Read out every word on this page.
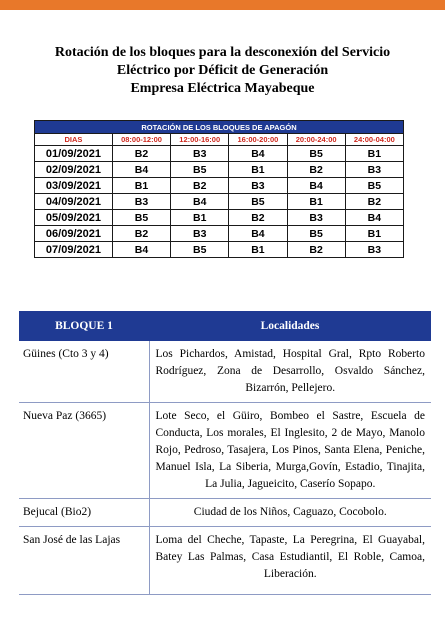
Rotación de los bloques para la desconexión del Servicio
Eléctrico por Déficit de Generación
Empresa Eléctrica Mayabeque
ROTACIÓN DE LOS BLOQUES DE APAGÓN					
DIAS	08:00-12:00	12:00-16:00	16:00-20:00	20:00-24:00	24:00-04:00
01/09/2021	B2	B3	B4	B5	B1
02/09/2021	B4	B5	B1	B2	B3
03/09/2021	B1	B2	B3	B4	B5
04/09/2021	B3	B4	B5	B1	B2
05/09/2021	B5	B1	B2	B3	B4
06/09/2021	B2	B3	B4	B5	B1
07/09/2021	B4	B5	B1	B2	B3
BLOQUE 1	Localidades
Güines (Cto 3 y 4)	Los Pichardos, Amistad, Hospital Gral, Rpto Roberto Rodríguez, Zona de Desarrollo, Osvaldo Sánchez, Bizarrón, Pellejero.
Nueva Paz (3665)	Lote Seco, el Güiro, Bombeo el Sastre, Escuela de Conducta, Los morales, El Inglesito, 2 de Mayo, Manolo Rojo, Pedroso, Tasajera, Los Pinos, Santa Elena, Peniche, Manuel Isla, La Siberia, Murga,Govín, Estadio, Tinajita, La Julia, Jagueicito, Caserío Sopapo.
Bejucal (Bio2)	Ciudad de los Niños, Caguazo, Cocobolo.
San José de las Lajas	Loma del Cheche, Tapaste, La Peregrina, El Guayabal, Batey Las Palmas, Casa Estudiantil, El Roble, Camoa, Liberación.
